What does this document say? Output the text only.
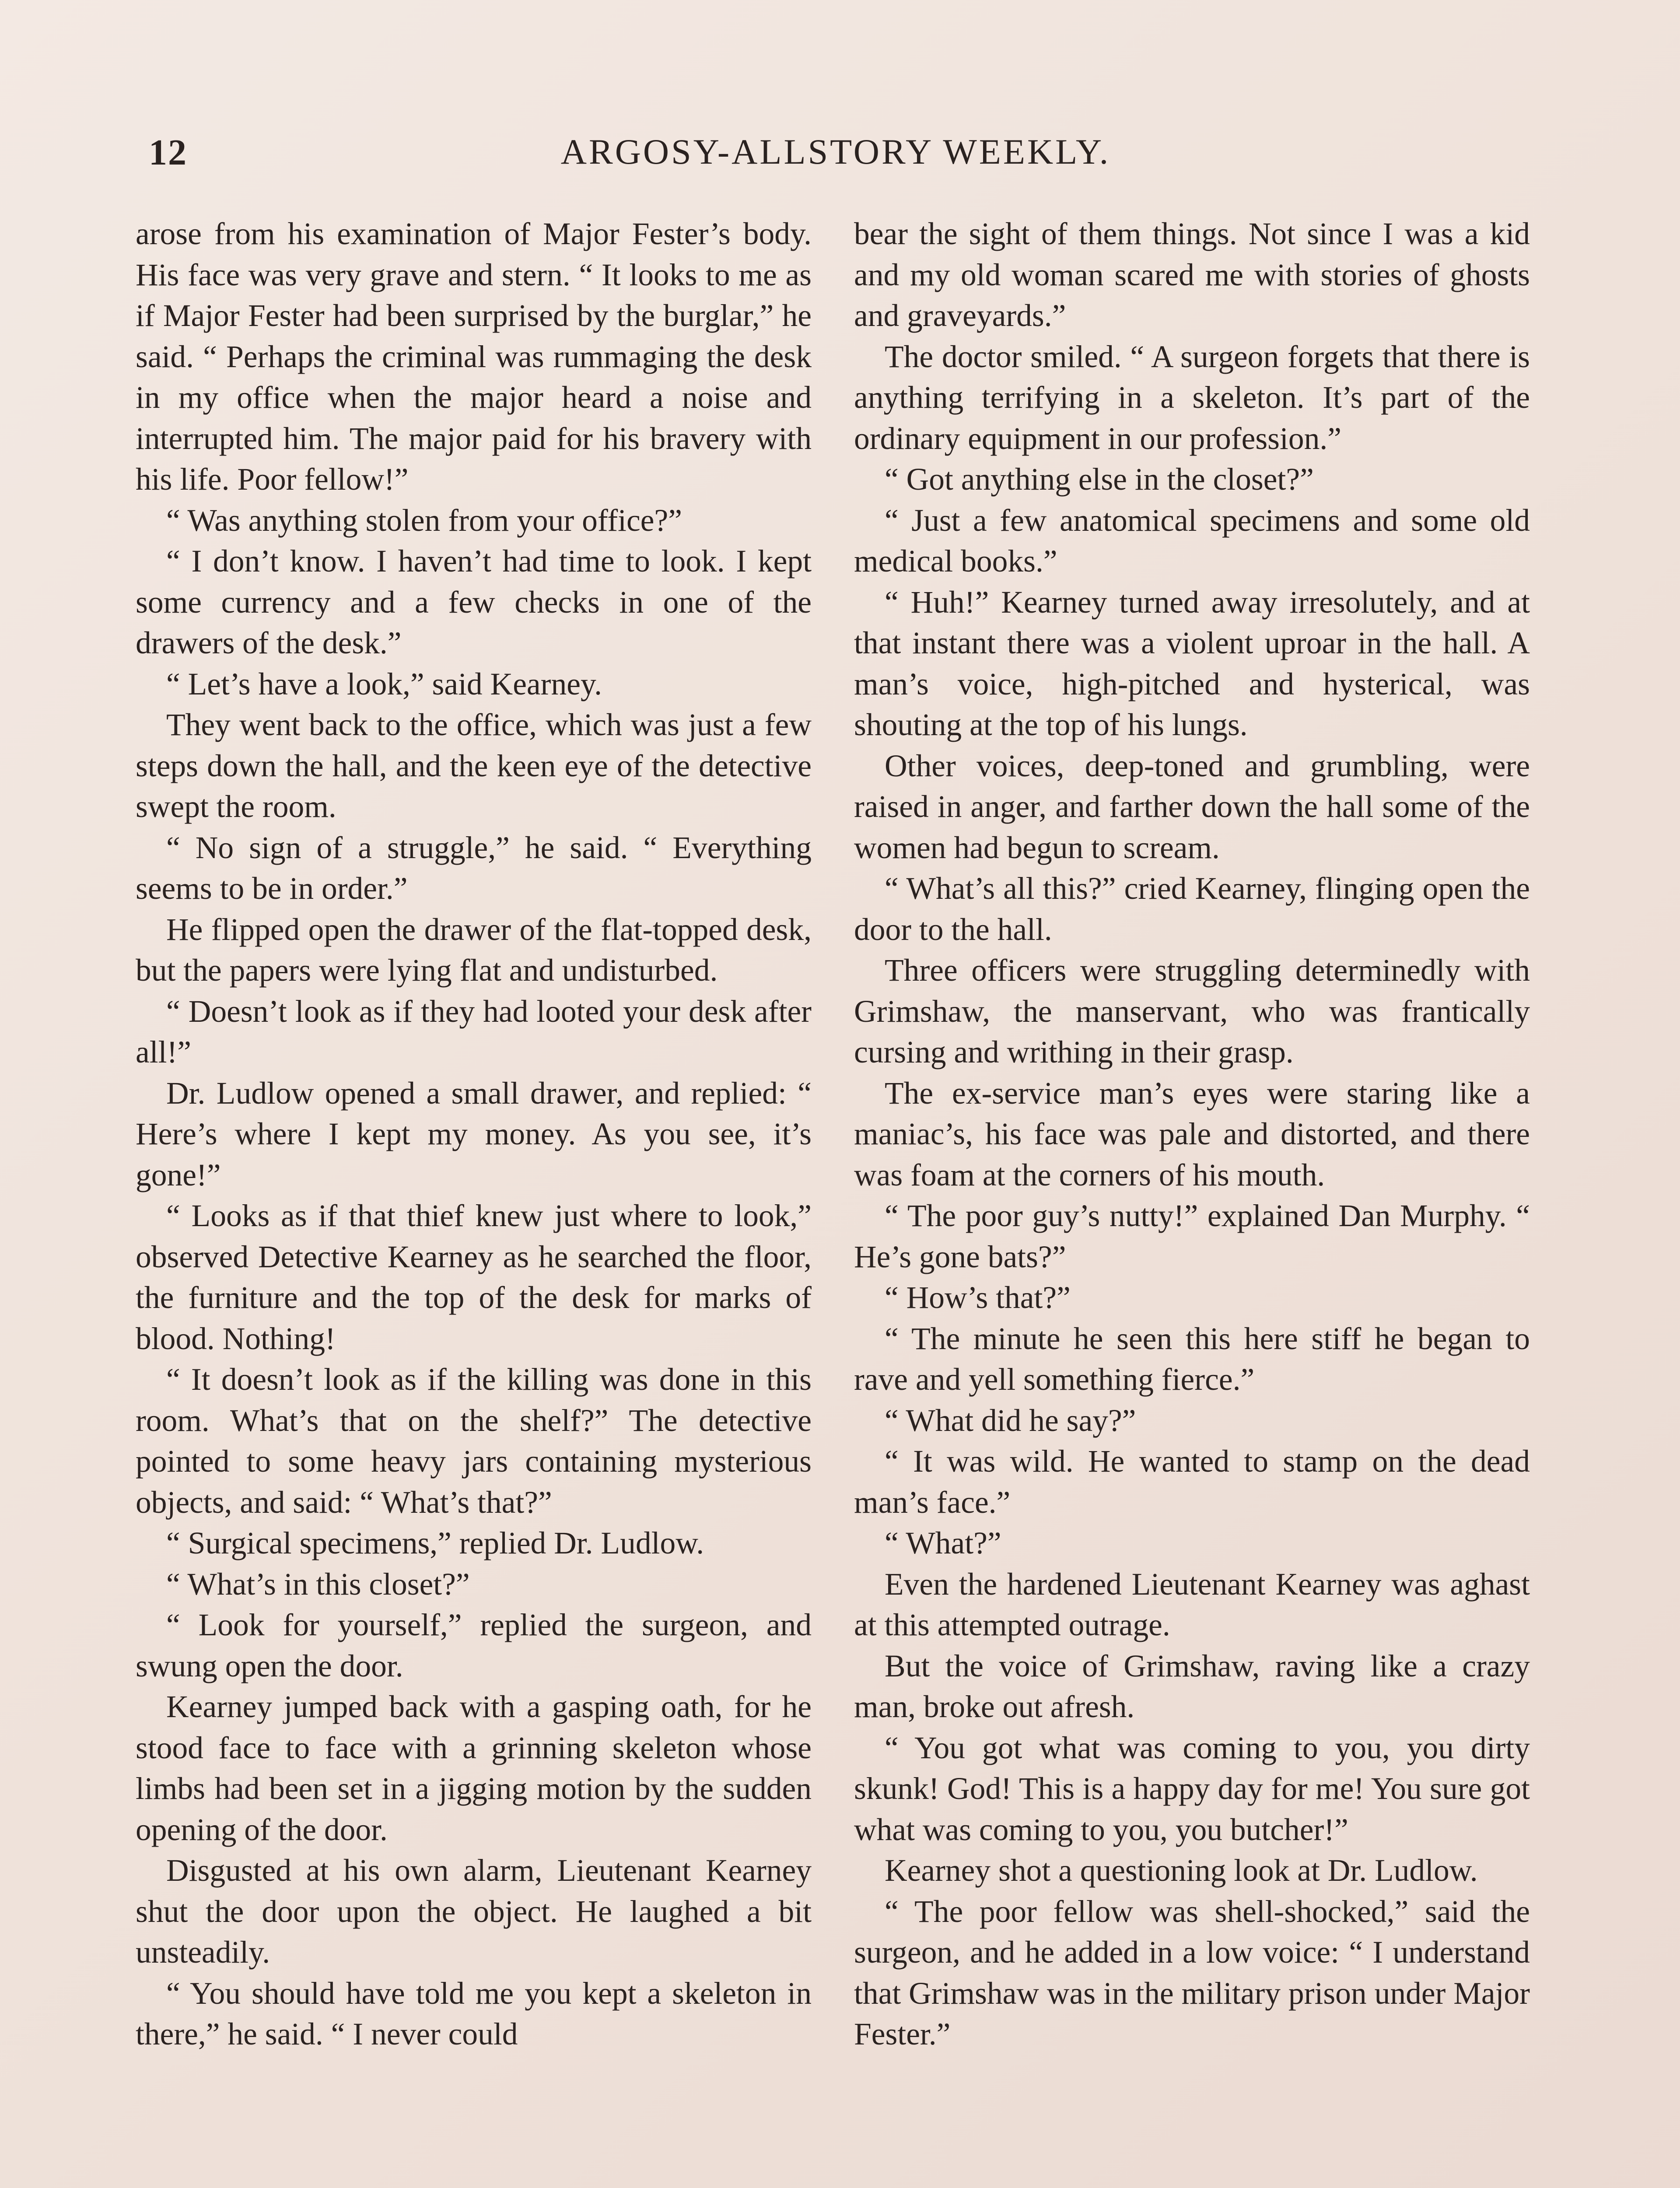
12	ARGOSY-ALLSTORY WEEKLY.

arose from his examination of Major Fester’s body. His face was very grave and stern. “ It looks to me as if Major Fester had been surprised by the burglar,” he said. “ Perhaps the criminal was rummaging the desk in my office when the major heard a noise and interrupted him. The major paid for his bravery with his life. Poor fellow!”

“ Was anything stolen from your office?”

“ I don’t know. I haven’t had time to look. I kept some currency and a few checks in one of the drawers of the desk.”

“ Let’s have a look,” said Kearney.

They went back to the office, which was just a few steps down the hall, and the keen eye of the detective swept the room.

“ No sign of a struggle,” he said. “ Everything seems to be in order.”

He flipped open the drawer of the flat-topped desk, but the papers were lying flat and undisturbed.

“ Doesn’t look as if they had looted your desk after all!”

Dr. Ludlow opened a small drawer, and replied: “ Here’s where I kept my money. As you see, it’s gone!”

“ Looks as if that thief knew just where to look,” observed Detective Kearney as he searched the floor, the furniture and the top of the desk for marks of blood. Nothing!

“ It doesn’t look as if the killing was done in this room. What’s that on the shelf?” The detective pointed to some heavy jars containing mysterious objects, and said: “ What’s that?”

“ Surgical specimens,” replied Dr. Ludlow.

“ What’s in this closet?”

“ Look for yourself,” replied the surgeon, and swung open the door.

Kearney jumped back with a gasping oath, for he stood face to face with a grinning skeleton whose limbs had been set in a jigging motion by the sudden opening of the door.

Disgusted at his own alarm, Lieutenant Kearney shut the door upon the object. He laughed a bit unsteadily.

“ You should have told me you kept a skeleton in there,” he said. “ I never could

bear the sight of them things. Not since I was a kid and my old woman scared me with stories of ghosts and graveyards.”

The doctor smiled. “ A surgeon forgets that there is anything terrifying in a skeleton. It’s part of the ordinary equipment in our profession.”

“ Got anything else in the closet?”

“ Just a few anatomical specimens and some old medical books.”

“ Huh!” Kearney turned away irresolutely, and at that instant there was a violent uproar in the hall. A man’s voice, high-pitched and hysterical, was shouting at the top of his lungs.

Other voices, deep-toned and grumbling, were raised in anger, and farther down the hall some of the women had begun to scream.

“ What’s all this?” cried Kearney, flinging open the door to the hall.

Three officers were struggling determinedly with Grimshaw, the manservant, who was frantically cursing and writhing in their grasp.

The ex-service man’s eyes were staring like a maniac’s, his face was pale and distorted, and there was foam at the corners of his mouth.

“ The poor guy’s nutty!” explained Dan Murphy. “ He’s gone bats?”

“ How’s that?”

“ The minute he seen this here stiff he began to rave and yell something fierce.”

“ What did he say?”

“ It was wild. He wanted to stamp on the dead man’s face.”

“ What?”

Even the hardened Lieutenant Kearney was aghast at this attempted outrage.

But the voice of Grimshaw, raving like a crazy man, broke out afresh.

“ You got what was coming to you, you dirty skunk! God! This is a happy day for me! You sure got what was coming to you, you butcher!”

Kearney shot a questioning look at Dr. Ludlow.

“ The poor fellow was shell-shocked,” said the surgeon, and he added in a low voice: “ I understand that Grimshaw was in the military prison under Major Fester.”
